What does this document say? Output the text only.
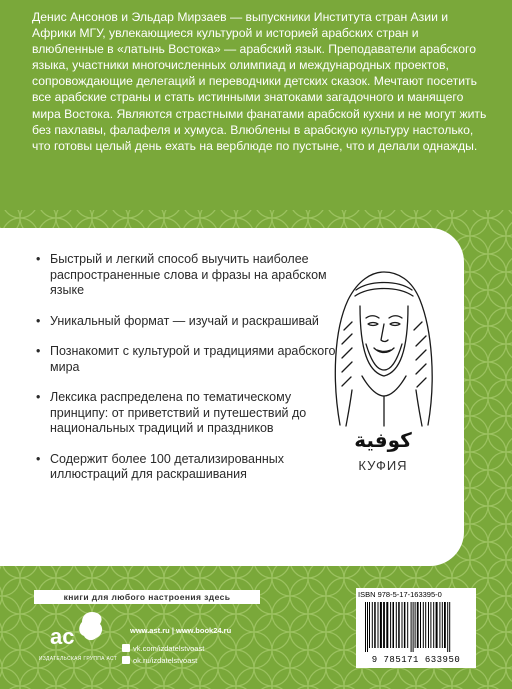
Денис Ансонов и Эльдар Мирзаев — выпускники Института стран Азии и Африки МГУ, увлекающиеся культурой и историей арабских стран и влюбленные в «латынь Востока» — арабский язык. Преподаватели арабского языка, участники многочисленных олимпиад и международных проектов, сопровождающие делегаций и переводчики детских сказок. Мечтают посетить все арабские страны и стать истинными знатоками загадочного и манящего мира Востока. Являются страстными фанатами арабской кухни и не могут жить без пахлавы, фалафеля и хумуса. Влюблены в арабскую культуру настолько, что готовы целый день ехать на верблюде по пустыне, что и делали однажды.
• Быстрый и легкий способ выучить наиболее распространенные слова и фразы на арабском языке
• Уникальный формат — изучай и раскрашивай
• Познакомит с культурой и традициями арабского мира
• Лексика распределена по тематическому принципу: от приветствий и путешествий до национальных традиций и праздников
• Содержит более 100 детализированных иллюстраций для раскрашивания
كوفية
КУФИЯ
книги для любого настроения здесь
ac
ИЗДАТЕЛЬСКАЯ ГРУППА АСТ
www.ast.ru | www.book24.ru
vk.com/izdatelstvoast
ok.ru/izdatelstvoast
ISBN 978-5-17-163395-0
9 785171 633950
